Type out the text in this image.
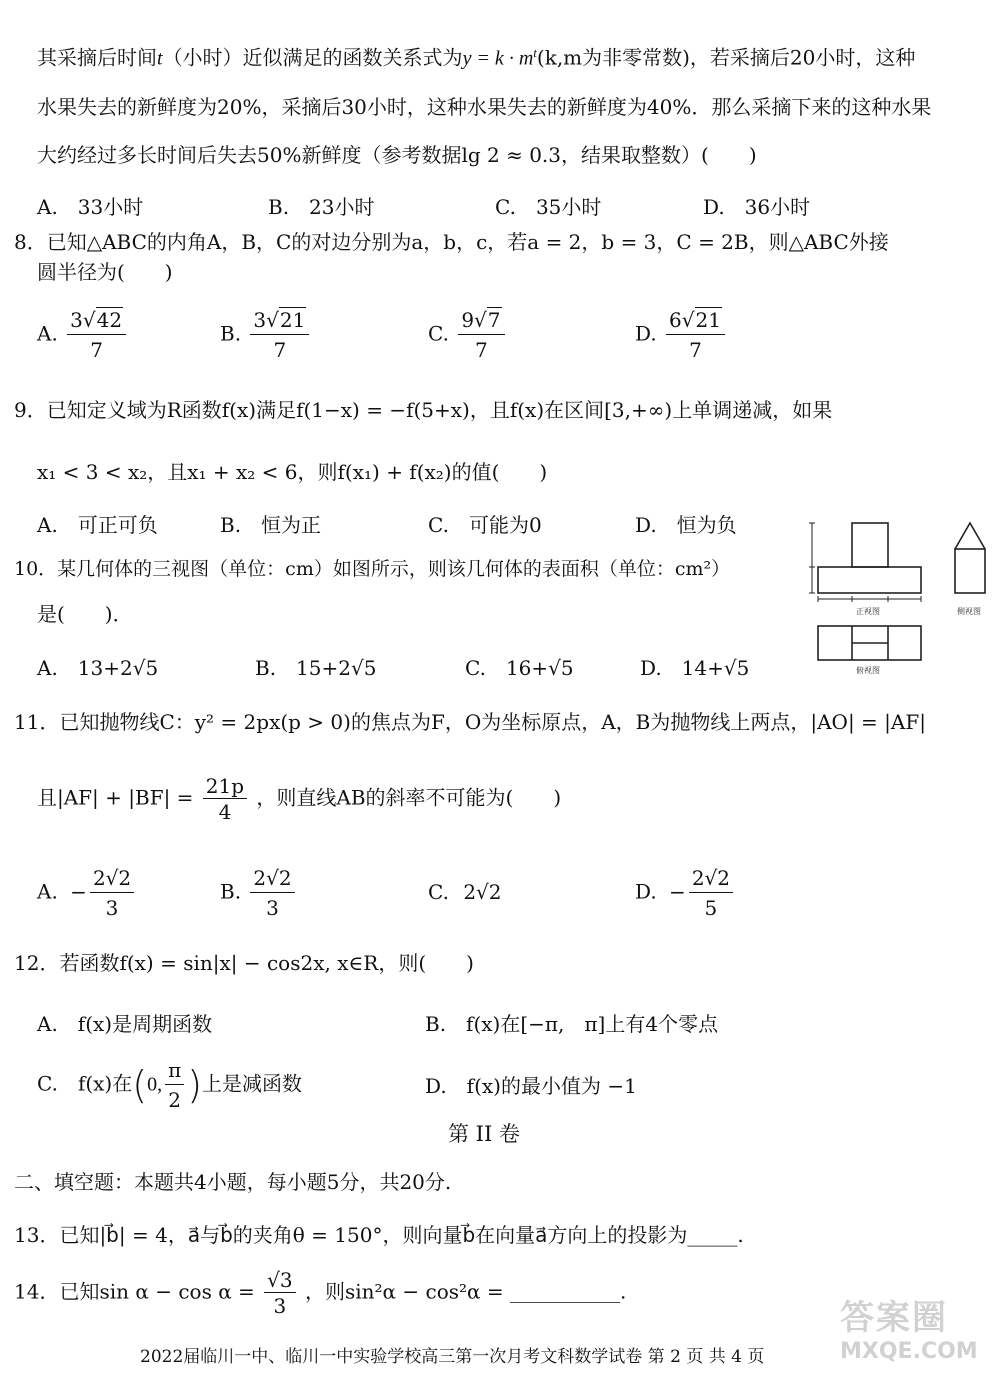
其采摘后时间t（小时）近似满足的函数关系式为$y = k \cdot m^t(k,m$为非零常数)，若采摘后20小时，这种
水果失去的新鲜度为20%，采摘后30小时，这种水果失去的新鲜度为40%．那么采摘下来的这种水果
大约经过多长时间后失去50%新鲜度（参考数据lg 2 ≈ 0.3，结果取整数）(　　)
A.　33小时	B.　23小时	C.　35小时	D.　36小时
8．已知△ABC的内角A，B，C的对边分别为a，b，c，若a = 2，b = 3，C = 2B，则△ABC外接
圆半径为(　　)
A. $\frac{3√42}{7}$	B. $\frac{3√21}{7}$	C. $\frac{9√7}{7}$	D. $\frac{6√21}{7}$
9．已知定义域为R函数f(x)满足f(1−x) = −f(5+x)，且f(x)在区间[3,+∞)上单调递减，如果
x₁ < 3 < x₂，且x₁ + x₂ < 6，则f(x₁) + f(x₂)的值(　　)
A.　可正可负	B.　恒为正	C.　可能为0	D.　恒为负
10．某几何体的三视图（单位：cm）如图所示，则该几何体的表面积（单位：cm²）
是(　　)．
A.　13+2√5	B.　15+2√5	C.　16+√5	D.　14+√5
正视图	侧视图
俯视图
11．已知抛物线C：y² = 2px(p > 0)的焦点为F，O为坐标原点，A，B为抛物线上两点，|AO| = |AF|
且$|AF| + |BF| = \frac{21p}{4}$ ，则直线AB的斜率不可能为(　　)
A. − $\frac{2√2}{3}$	B. $\frac{2√2}{3}$	C. 2√2	D. − $\frac{2√2}{5}$
12．若函数f(x) = sin|x| − cos2x, x∈R，则(　　)
A.　f(x)是周期函数	B.　f(x)在[−π,　π]上有4个零点
C.　f(x)在(0, $\frac{\pi}{2}$ )上是减函数	D.　f(x)的最小值为 −1
第 II 卷
二、填空题：本题共4小题，每小题5分，共20分.
13．已知|b⃗| = 4，a⃗与b⃗的夹角θ = 150°，则向量b⃗在向量a⃗方向上的投影为_____.
14．已知$\sin \alpha - \cos \alpha = \frac{√3}{3}$ ，则sin²α − cos²α = ___________.
2022届临川一中、临川一中实验学校高三第一次月考文科数学试卷 第 2 页 共 4 页
答案圈
MXQE.COM
